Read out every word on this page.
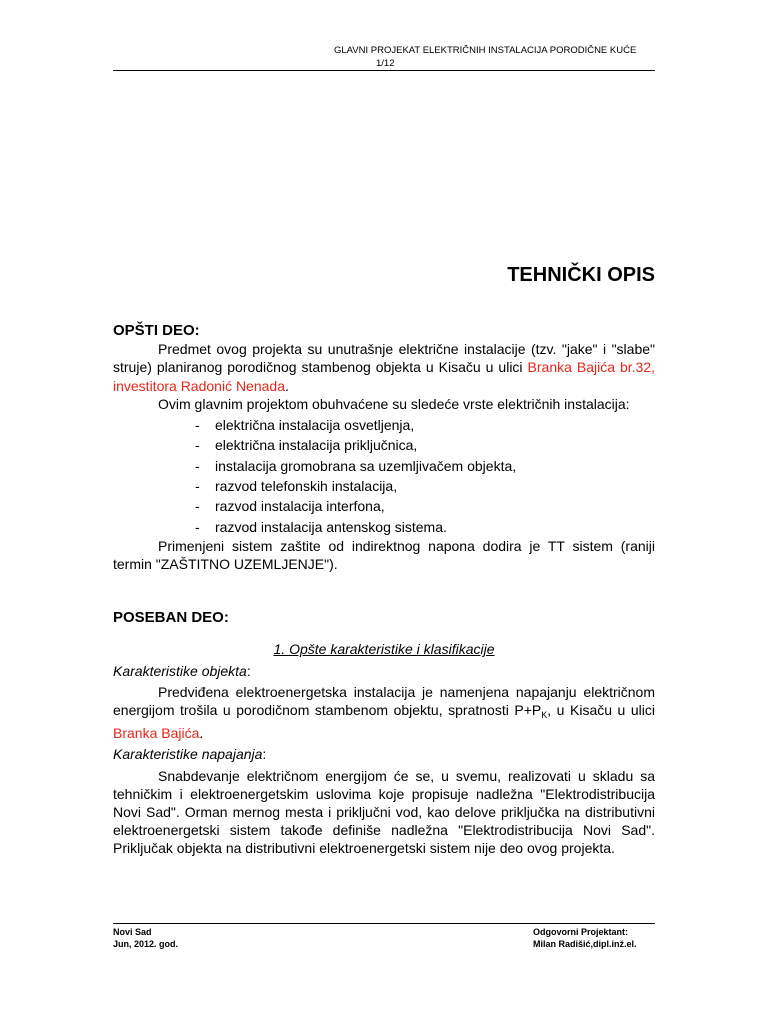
GLAVNI PROJEKAT ELEKTRIČNIH INSTALACIJA PORODIČNE KUĆE
1/12
TEHNIČKI OPIS

OPŠTI DEO:

Predmet ovog projekta su unutrašnje električne instalacije (tzv. "jake" i "slabe" struje) planiranog porodičnog stambenog objekta u Kisaču u ulici Branka Bajića br.32, investitora Radonić Nenada.

Ovim glavnim projektom obuhvaćene su sledeće vrste električnih instalacija:

- električna instalacija osvetljenja,
- električna instalacija priključnica,
- instalacija gromobrana sa uzemljivačem objekta,
- razvod telefonskih instalacija,
- razvod instalacija interfona,
- razvod instalacija antenskog sistema.

Primenjeni sistem zaštite od indirektnog napona dodira je TT sistem (raniji termin "ZAŠTITNO UZEMLJENJE").

POSEBAN DEO:

1. Opšte karakteristike i klasifikacije

Karakteristike objekta:

Predviđena elektroenergetska instalacija je namenjena napajanju električnom energijom trošila u porodičnom stambenom objektu, spratnosti $P+P_K$, u Kisaču u ulici Branka Bajića.

Karakteristike napajanja:

Snabdevanje električnom energijom će se, u svemu, realizovati u skladu sa tehničkim i elektroenergetskim uslovima koje propisuje nadležna "Elektrodistribucija Novi Sad". Orman mernog mesta i priključni vod, kao delove priključka na distributivni elektroenergetski sistem takođe definiše nadležna "Elektrodistribucija Novi Sad". Priključak objekta na distributivni elektroenergetski sistem nije deo ovog projekta.

Novi Sad
Jun, 2012. god.
Odgovorni Projektant:
Milan Radišić,dipl.inž.el.
